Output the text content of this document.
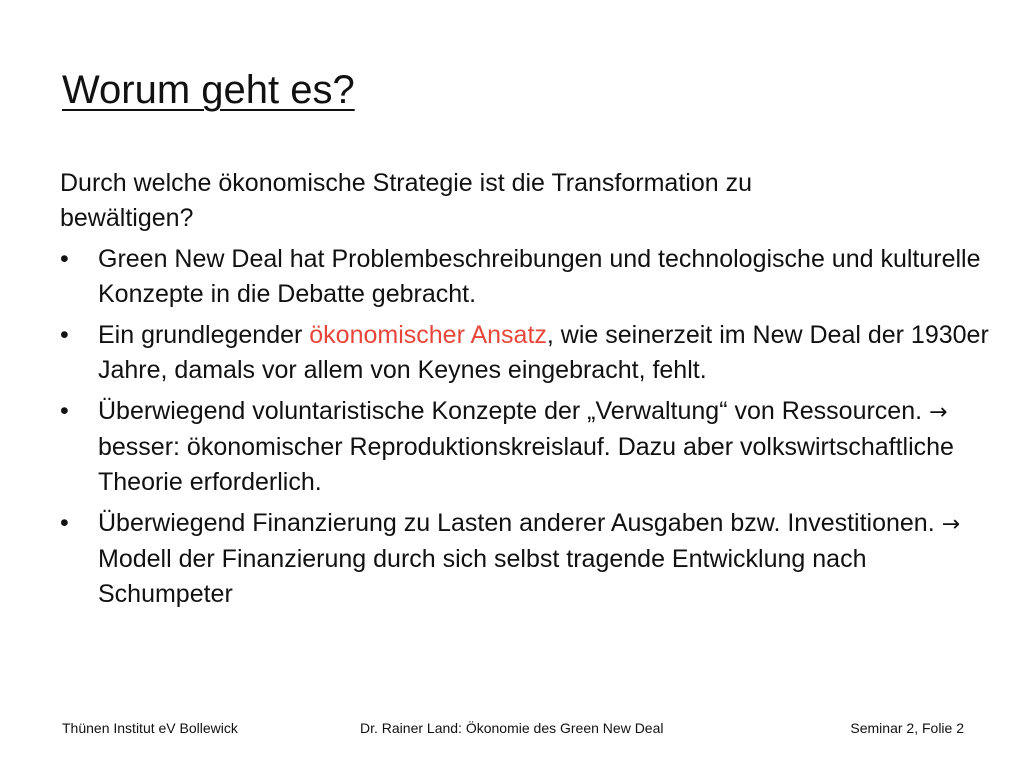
Worum geht es?

Durch welche ökonomische Strategie ist die Transformation zu bewältigen?

• Green New Deal hat Problembeschreibungen und technologische und kulturelle Konzepte in die Debatte gebracht.
• Ein grundlegender ökonomischer Ansatz, wie seinerzeit im New Deal der 1930er Jahre, damals vor allem von Keynes eingebracht, fehlt.
• Überwiegend voluntaristische Konzepte der „Verwaltung“ von Ressourcen. → besser: ökonomischer Reproduktionskreislauf. Dazu aber volkswirtschaftliche Theorie erforderlich.
• Überwiegend Finanzierung zu Lasten anderer Ausgaben bzw. Investitionen. → Modell der Finanzierung durch sich selbst tragende Entwicklung nach Schumpeter
Thünen Institut eV Bollewick	Dr. Rainer Land: Ökonomie des Green New Deal	Seminar 2, Folie 2
